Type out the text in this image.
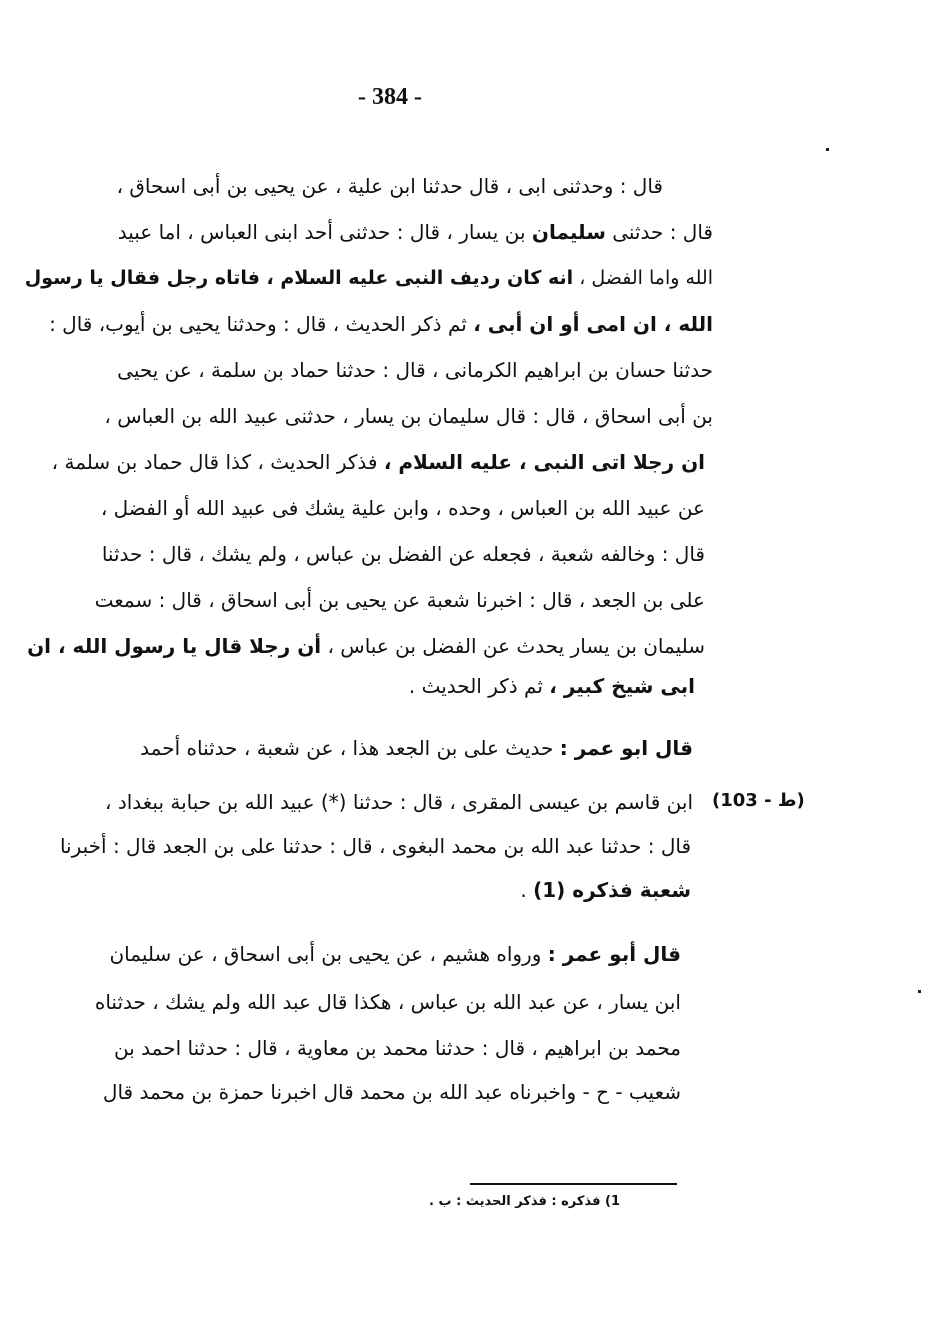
- 384 -
قال : وحدثنى ابى ، قال حدثنا ابن علية ، عن يحيى بن أبى اسحاق ،
قال : حدثنى سليمان بن يسار ، قال : حدثنى أحد ابنى العباس ، اما عبيد
الله واما الفضل ، انه كان رديف النبى عليه السلام ، فاتاه رجل فقال يا رسول
الله ، ان امى أو ان أبى ، ثم ذكر الحديث ، قال : وحدثنا يحيى بن أيوب، قال :
حدثنا حسان بن ابراهيم الكرمانى ، قال : حدثنا حماد بن سلمة ، عن يحيى
بن أبى اسحاق ، قال : قال سليمان بن يسار ، حدثنى عبيد الله بن العباس ،
ان رجلا اتى النبى ، عليه السلام ، فذكر الحديث ، كذا قال حماد بن سلمة ،
عن عبيد الله بن العباس ، وحده ، وابن علية يشك فى عبيد الله أو الفضل ،
قال : وخالفه شعبة ، فجعله عن الفضل بن عباس ، ولم يشك ، قال : حدثنا
على بن الجعد ، قال : اخبرنا شعبة عن يحيى بن أبى اسحاق ، قال : سمعت
سليمان بن يسار يحدث عن الفضل بن عباس ، أن رجلا قال يا رسول الله ، ان
ابى شيخ كبير ، ثم ذكر الحديث .
قال ابو عمر : حديث على بن الجعد هذا ، عن شعبة ، حدثناه أحمد
ابن قاسم بن عيسى المقرى ، قال : حدثنا (*) عبيد الله بن حبابة ببغداد ،
قال : حدثنا عبد الله بن محمد البغوى ، قال : حدثنا على بن الجعد قال : أخبرنا
شعبة فذكره (1) .
(103 - ط)
قال أبو عمر : ورواه هشيم ، عن يحيى بن أبى اسحاق ، عن سليمان
ابن يسار ، عن عبد الله بن عباس ، هكذا قال عبد الله ولم يشك ، حدثناه
محمد بن ابراهيم ، قال : حدثنا محمد بن معاوية ، قال : حدثنا احمد بن
شعيب - ح - واخبرناه عبد الله بن محمد قال اخبرنا حمزة بن محمد قال
1) فذكره : فذكر الحديث : ب .
